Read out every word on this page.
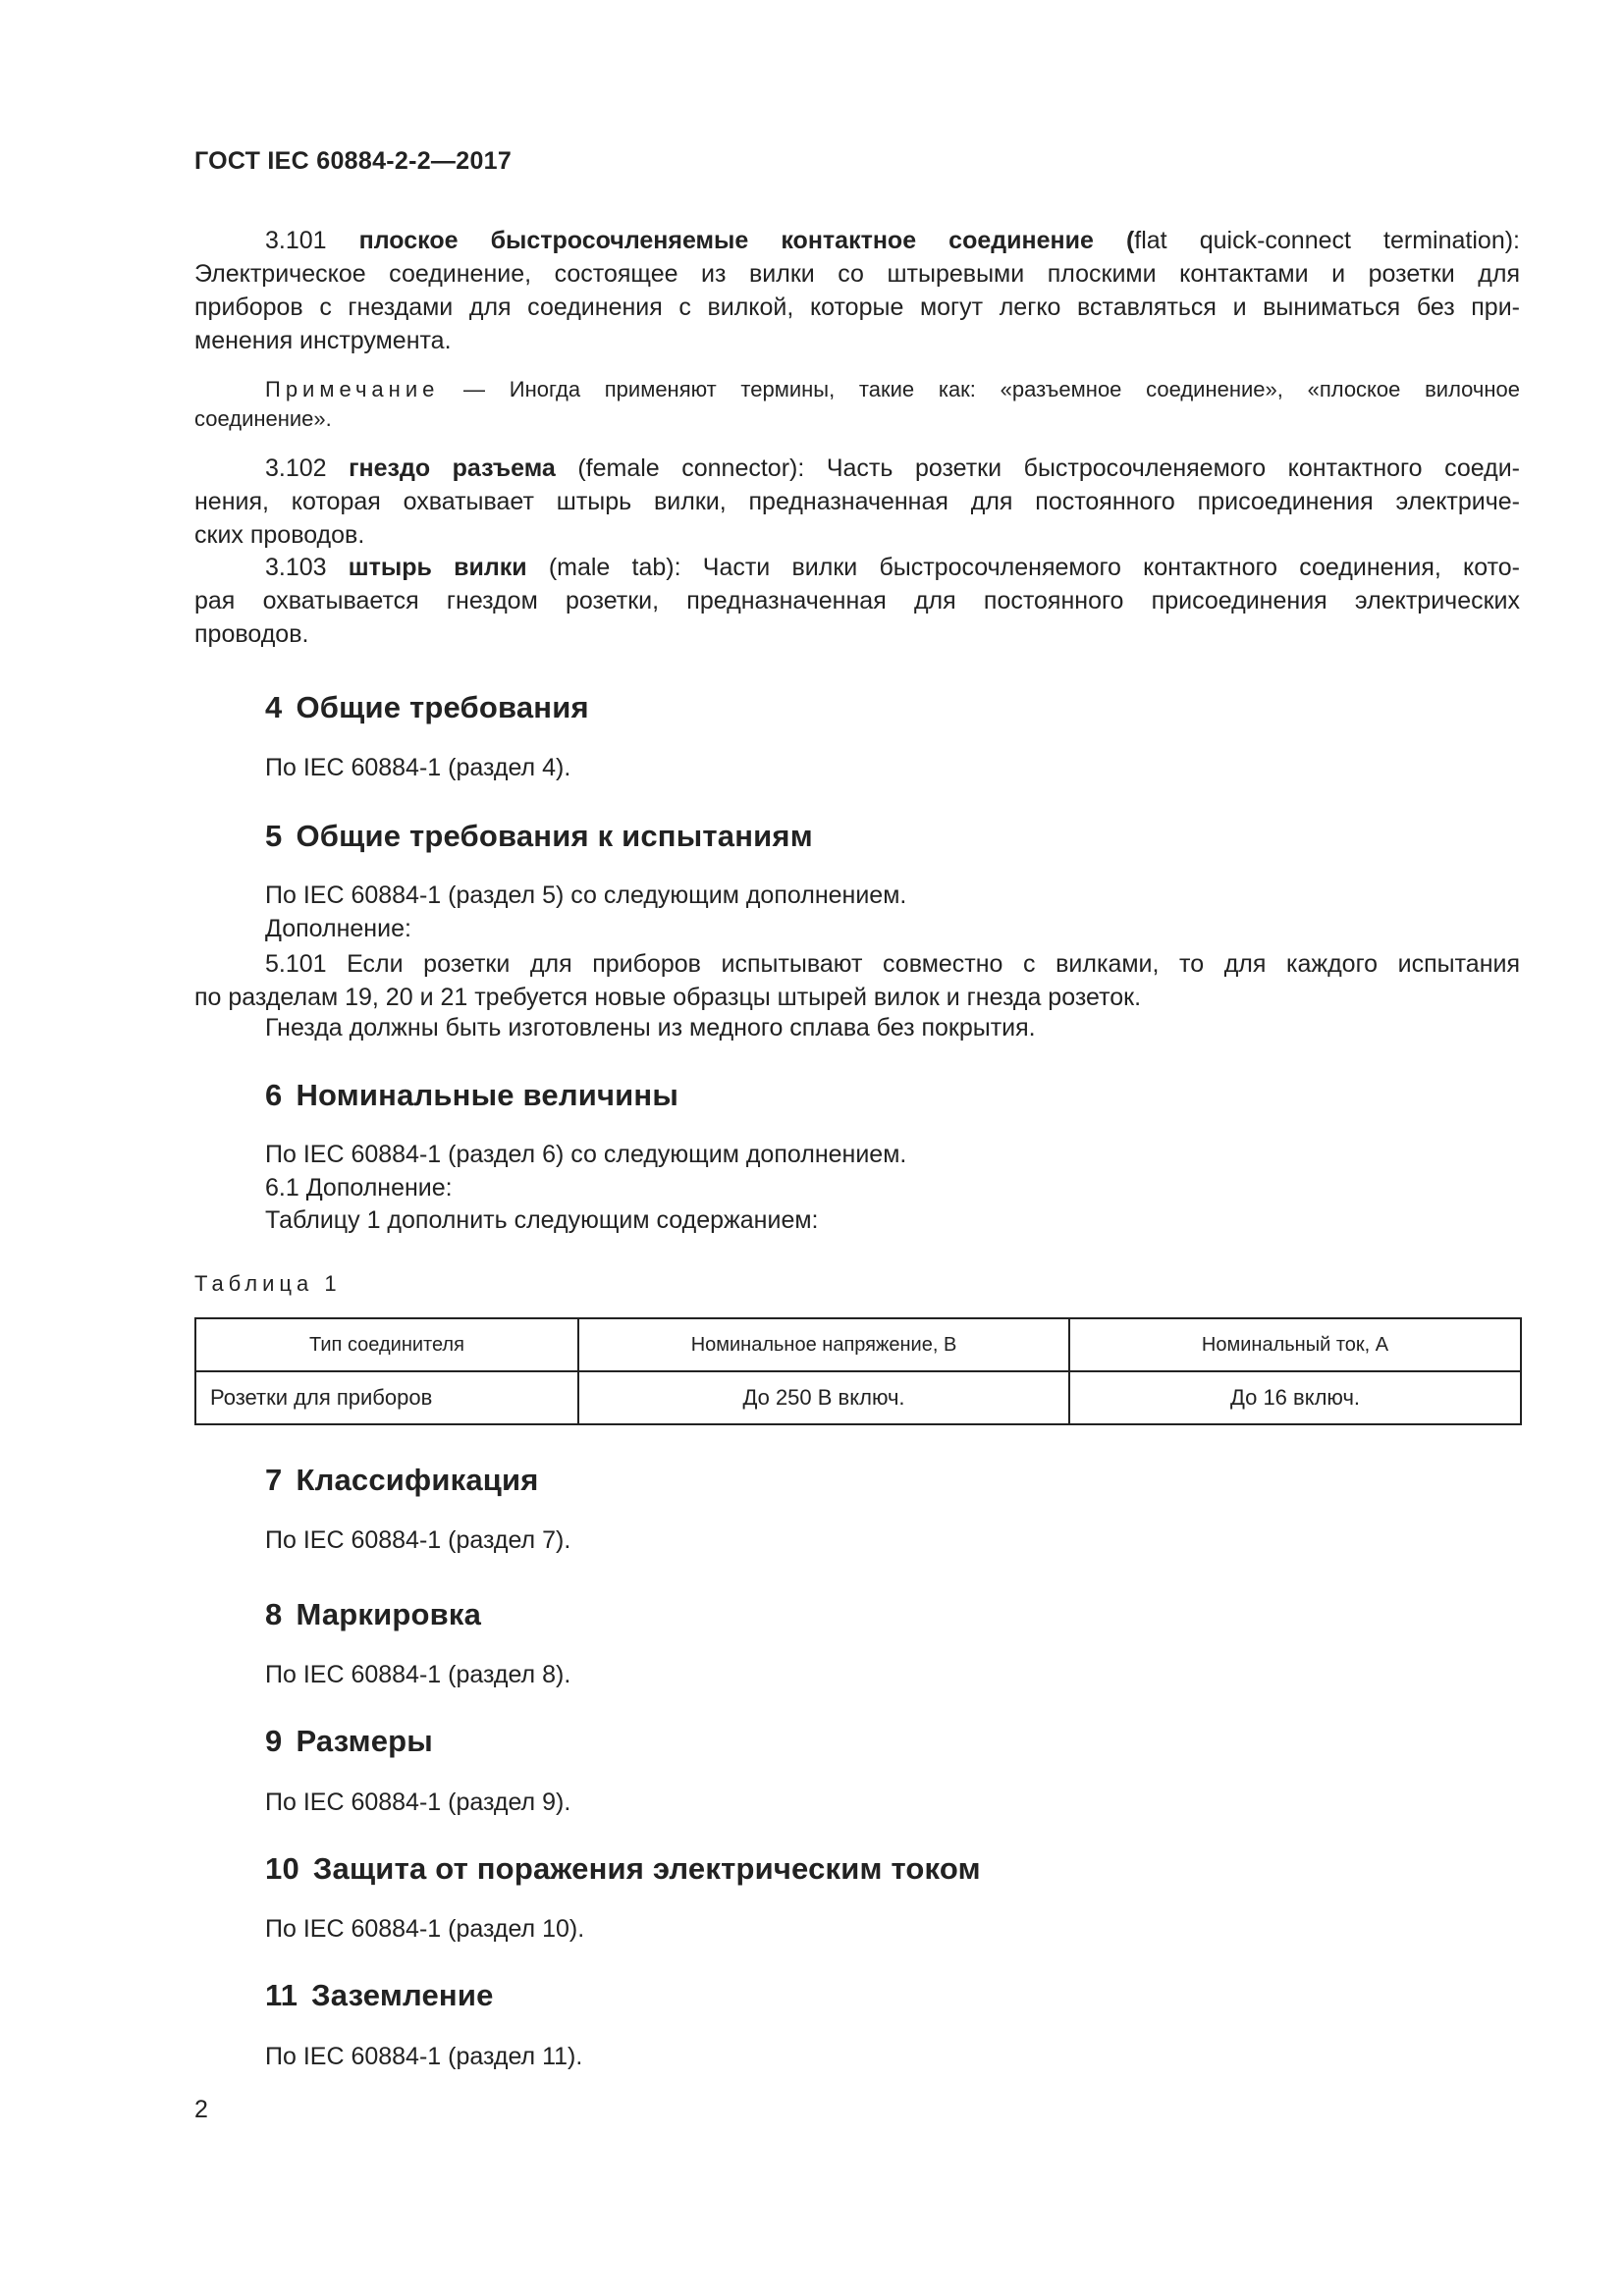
ГОСТ IEC 60884-2-2—2017
3.101 плоское быстросочленяемые контактное соединение (flat quick-connect termination):
Электрическое соединение, состоящее из вилки со штыревыми плоскими контактами и розетки для
приборов с гнездами для соединения с вилкой, которые могут легко вставляться и выниматься без при-
менения инструмента.
Примечание — Иногда применяют термины, такие как: «разъемное соединение», «плоское вилочное
соединение».
3.102 гнездо разъема (female connector): Часть розетки быстросочленяемого контактного соеди-
нения, которая охватывает штырь вилки, предназначенная для постоянного присоединения электриче-
ских проводов.
3.103 штырь вилки (male tab): Части вилки быстросочленяемого контактного соединения, кото-
рая охватывается гнездом розетки, предназначенная для постоянного присоединения электрических
проводов.
4 Общие требования
По IEC 60884-1 (раздел 4).
5 Общие требования к испытаниям
По IEC 60884-1 (раздел 5) со следующим дополнением.
Дополнение:
5.101 Если розетки для приборов испытывают совместно с вилками, то для каждого испытания
по разделам 19, 20 и 21 требуется новые образцы штырей вилок и гнезда розеток.
Гнезда должны быть изготовлены из медного сплава без покрытия.
6 Номинальные величины
По IEC 60884-1 (раздел 6) со следующим дополнением.
6.1 Дополнение:
Таблицу 1 дополнить следующим содержанием:
Таблица 1
Тип соединителя	Номинальное напряжение, В	Номинальный ток, А
Розетки для приборов	До 250 В включ.	До 16 включ.
7 Классификация
По IEC 60884-1 (раздел 7).
8 Маркировка
По IEC 60884-1 (раздел 8).
9 Размеры
По IEC 60884-1 (раздел 9).
10 Защита от поражения электрическим током
По IEC 60884-1 (раздел 10).
11 Заземление
По IEC 60884-1 (раздел 11).
2
